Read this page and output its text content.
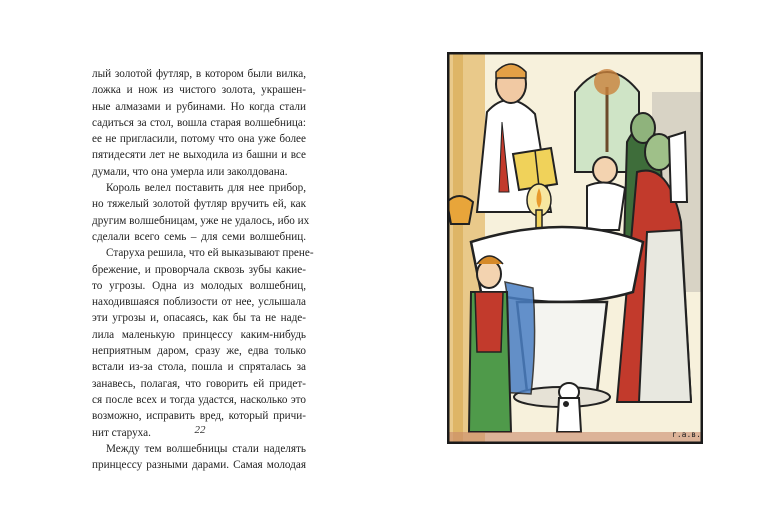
лый золотой футляр, в котором были вилка,
ложка и нож из чистого золота, украшен-
ные алмазами и рубинами. Но когда стали
садиться за стол, вошла старая волшебница:
ее не пригласили, потому что она уже более
пятидесяти лет не выходила из башни и все
думали, что она умерла или заколдована.
Король велел поставить для нее прибор,
но тяжелый золотой футляр вручить ей, как
другим волшебницам, уже не удалось, ибо их
сделали всего семь – для семи волшебниц.
Старуха решила, что ей выказывают прене-
брежение, и проворчала сквозь зубы какие-
то угрозы. Одна из молодых волшебниц,
находившаяся поблизости от нее, услышала
эти угрозы и, опасаясь, как бы та не наде-
лила маленькую принцессу каким-нибудь
неприятным даром, сразу же, едва только
встали из-за стола, пошла и спряталась за
занавесь, полагая, что говорить ей придет-
ся после всех и тогда удастся, насколько это
возможно, исправить вред, который причи-
нит старуха.
Между тем волшебницы стали наделять
принцессу разными дарами. Самая молодая
22	г.а.в.
